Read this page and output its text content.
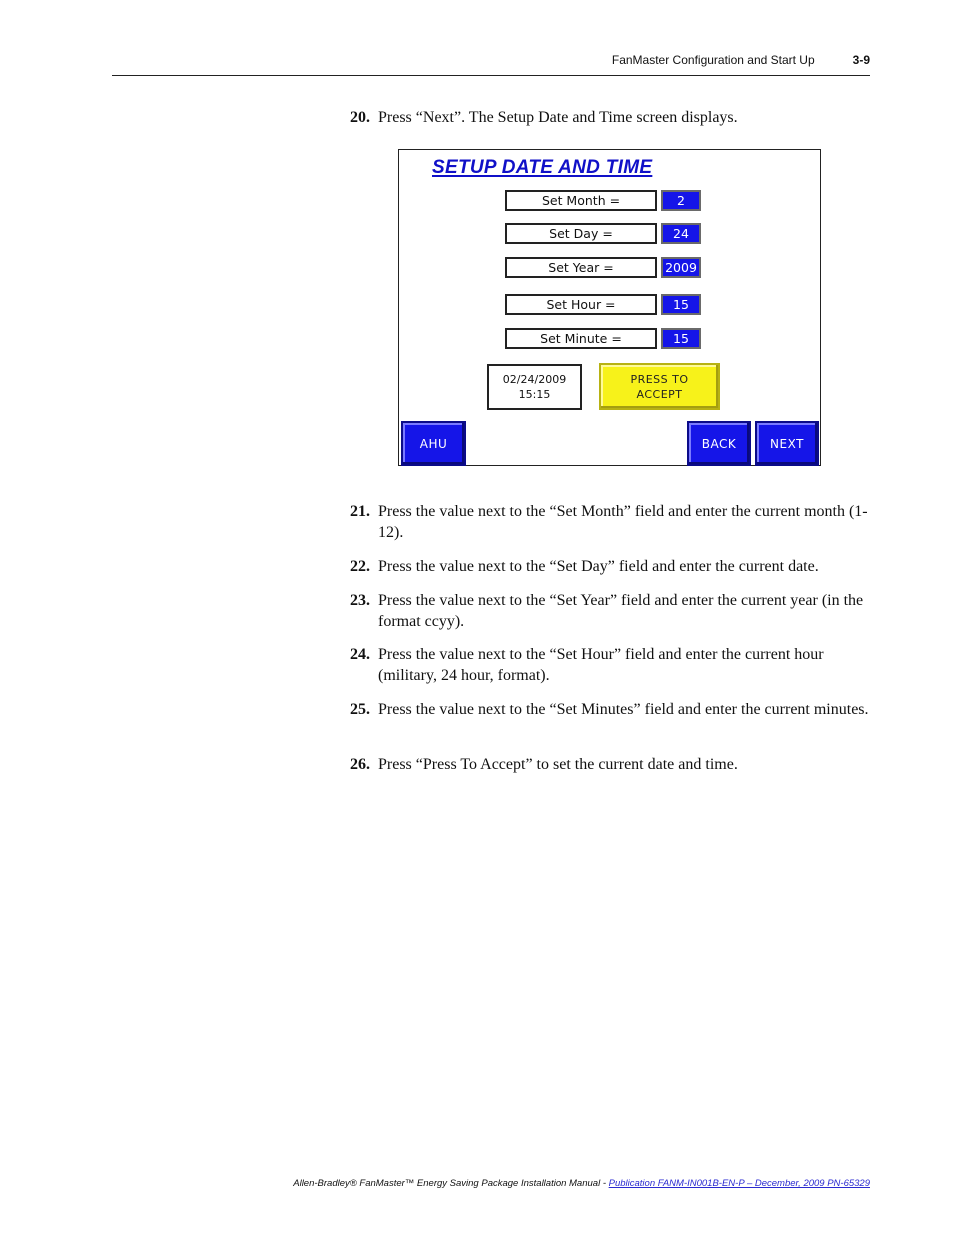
FanMaster Configuration and Start Up	3-9
20. Press “Next”. The Setup Date and Time screen displays.
SETUP DATE AND TIME
Set Month =	2
Set Day =	24
Set Year =	2009
Set Hour =	15
Set Minute =	15
02/24/2009
15:15
PRESS TO
ACCEPT
AHU	BACK	NEXT
21. Press the value next to the “Set Month” field and enter the current month (1-12).
22. Press the value next to the “Set Day” field and enter the current date.
23. Press the value next to the “Set Year” field and enter the current year (in the format ccyy).
24. Press the value next to the “Set Hour” field and enter the current hour (military, 24 hour, format).
25. Press the value next to the “Set Minutes” field and enter the current minutes.
26. Press “Press To Accept” to set the current date and time.
Allen-Bradley® FanMaster™ Energy Saving Package Installation Manual - Publication FANM-IN001B-EN-P – December, 2009 PN-65329
